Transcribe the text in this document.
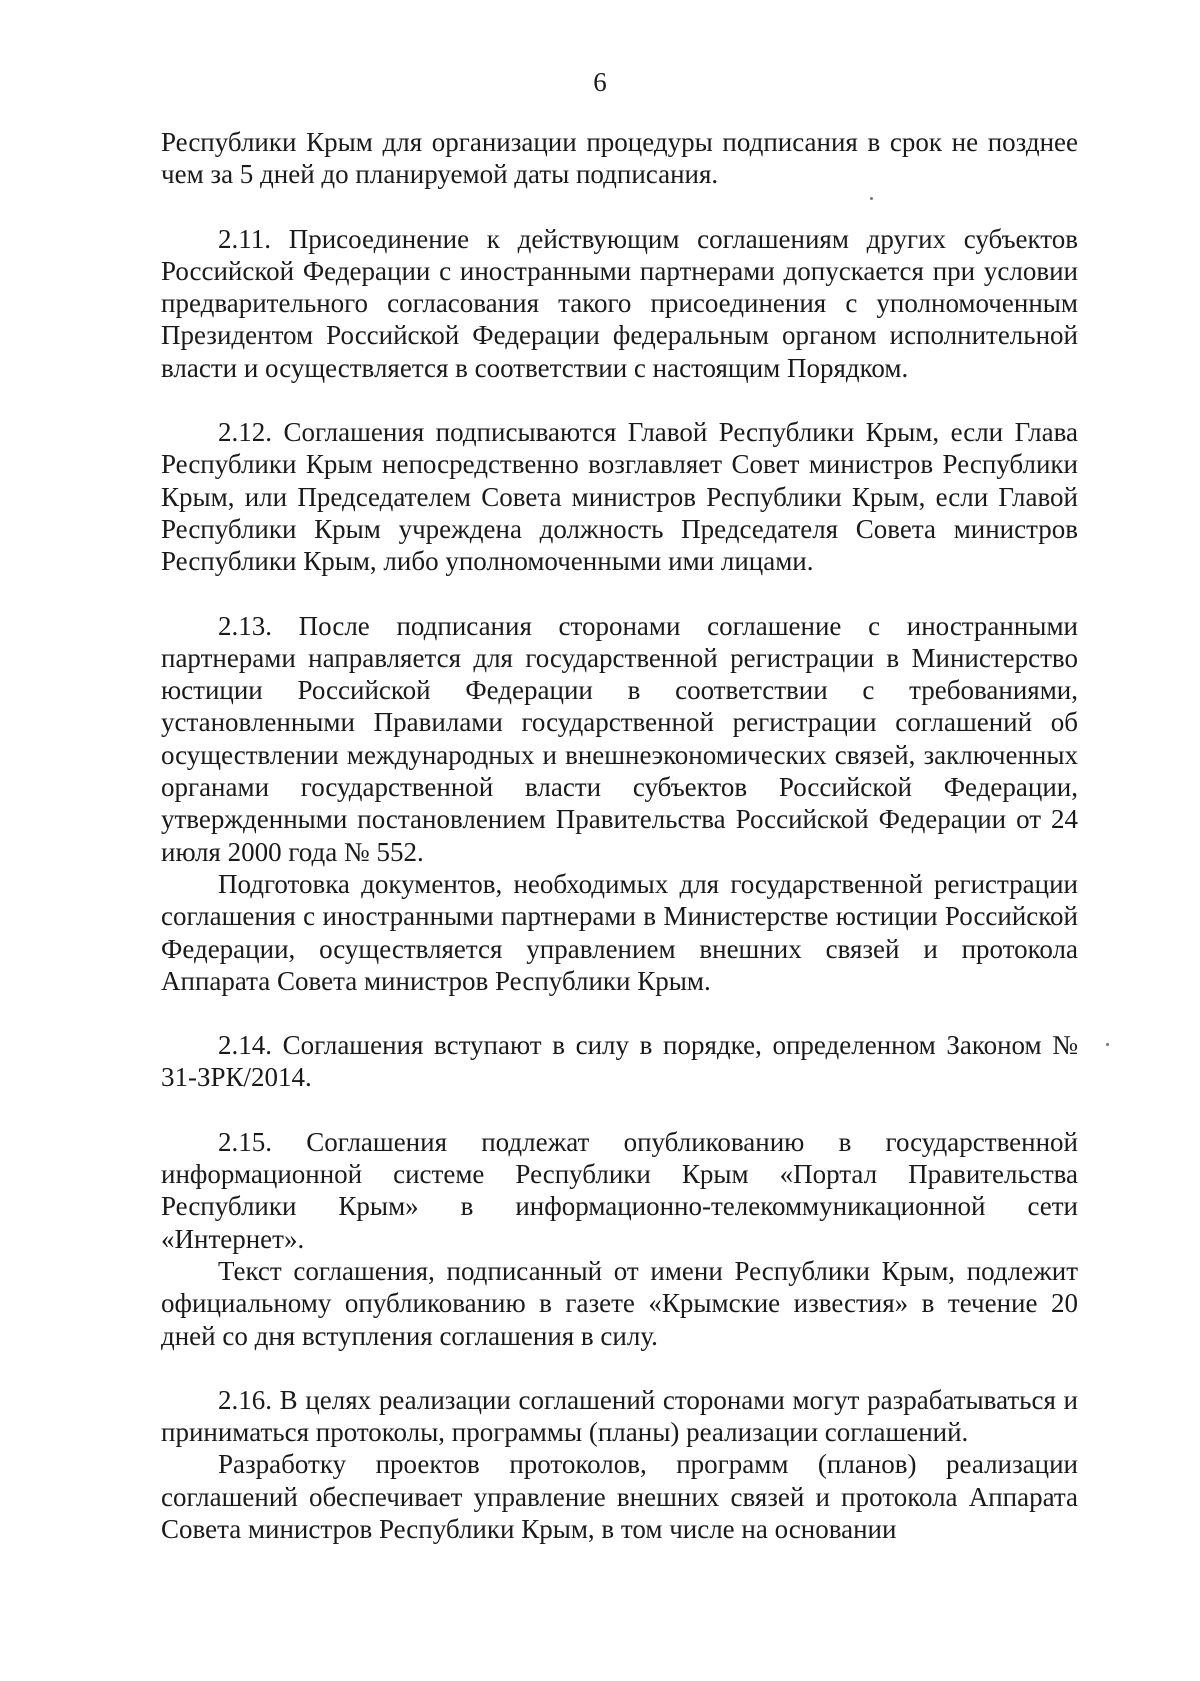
6

Республики Крым для организации процедуры подписания в срок не позднее чем за 5 дней до планируемой даты подписания.

2.11. Присоединение к действующим соглашениям других субъектов Российской Федерации с иностранными партнерами допускается при условии предварительного согласования такого присоединения с уполномоченным Президентом Российской Федерации федеральным органом исполнительной власти и осуществляется в соответствии с настоящим Порядком.

2.12. Соглашения подписываются Главой Республики Крым, если Глава Республики Крым непосредственно возглавляет Совет министров Республики Крым, или Председателем Совета министров Республики Крым, если Главой Республики Крым учреждена должность Председателя Совета министров Республики Крым, либо уполномоченными ими лицами.

2.13. После подписания сторонами соглашение с иностранными партнерами направляется для государственной регистрации в Министерство юстиции Российской Федерации в соответствии с требованиями, установленными Правилами государственной регистрации соглашений об осуществлении международных и внешнеэкономических связей, заключенных органами государственной власти субъектов Российской Федерации, утвержденными постановлением Правительства Российской Федерации от 24 июля 2000 года № 552.

Подготовка документов, необходимых для государственной регистрации соглашения с иностранными партнерами в Министерстве юстиции Российской Федерации, осуществляется управлением внешних связей и протокола Аппарата Совета министров Республики Крым.

2.14. Соглашения вступают в силу в порядке, определенном Законом № 31-ЗРК/2014.

2.15. Соглашения подлежат опубликованию в государственной информационной системе Республики Крым «Портал Правительства Республики Крым» в информационно-телекоммуникационной сети «Интернет».

Текст соглашения, подписанный от имени Республики Крым, подлежит официальному опубликованию в газете «Крымские известия» в течение 20 дней со дня вступления соглашения в силу.

2.16. В целях реализации соглашений сторонами могут разрабатываться и приниматься протоколы, программы (планы) реализации соглашений.

Разработку проектов протоколов, программ (планов) реализации соглашений обеспечивает управление внешних связей и протокола Аппарата Совета министров Республики Крым, в том числе на основании
